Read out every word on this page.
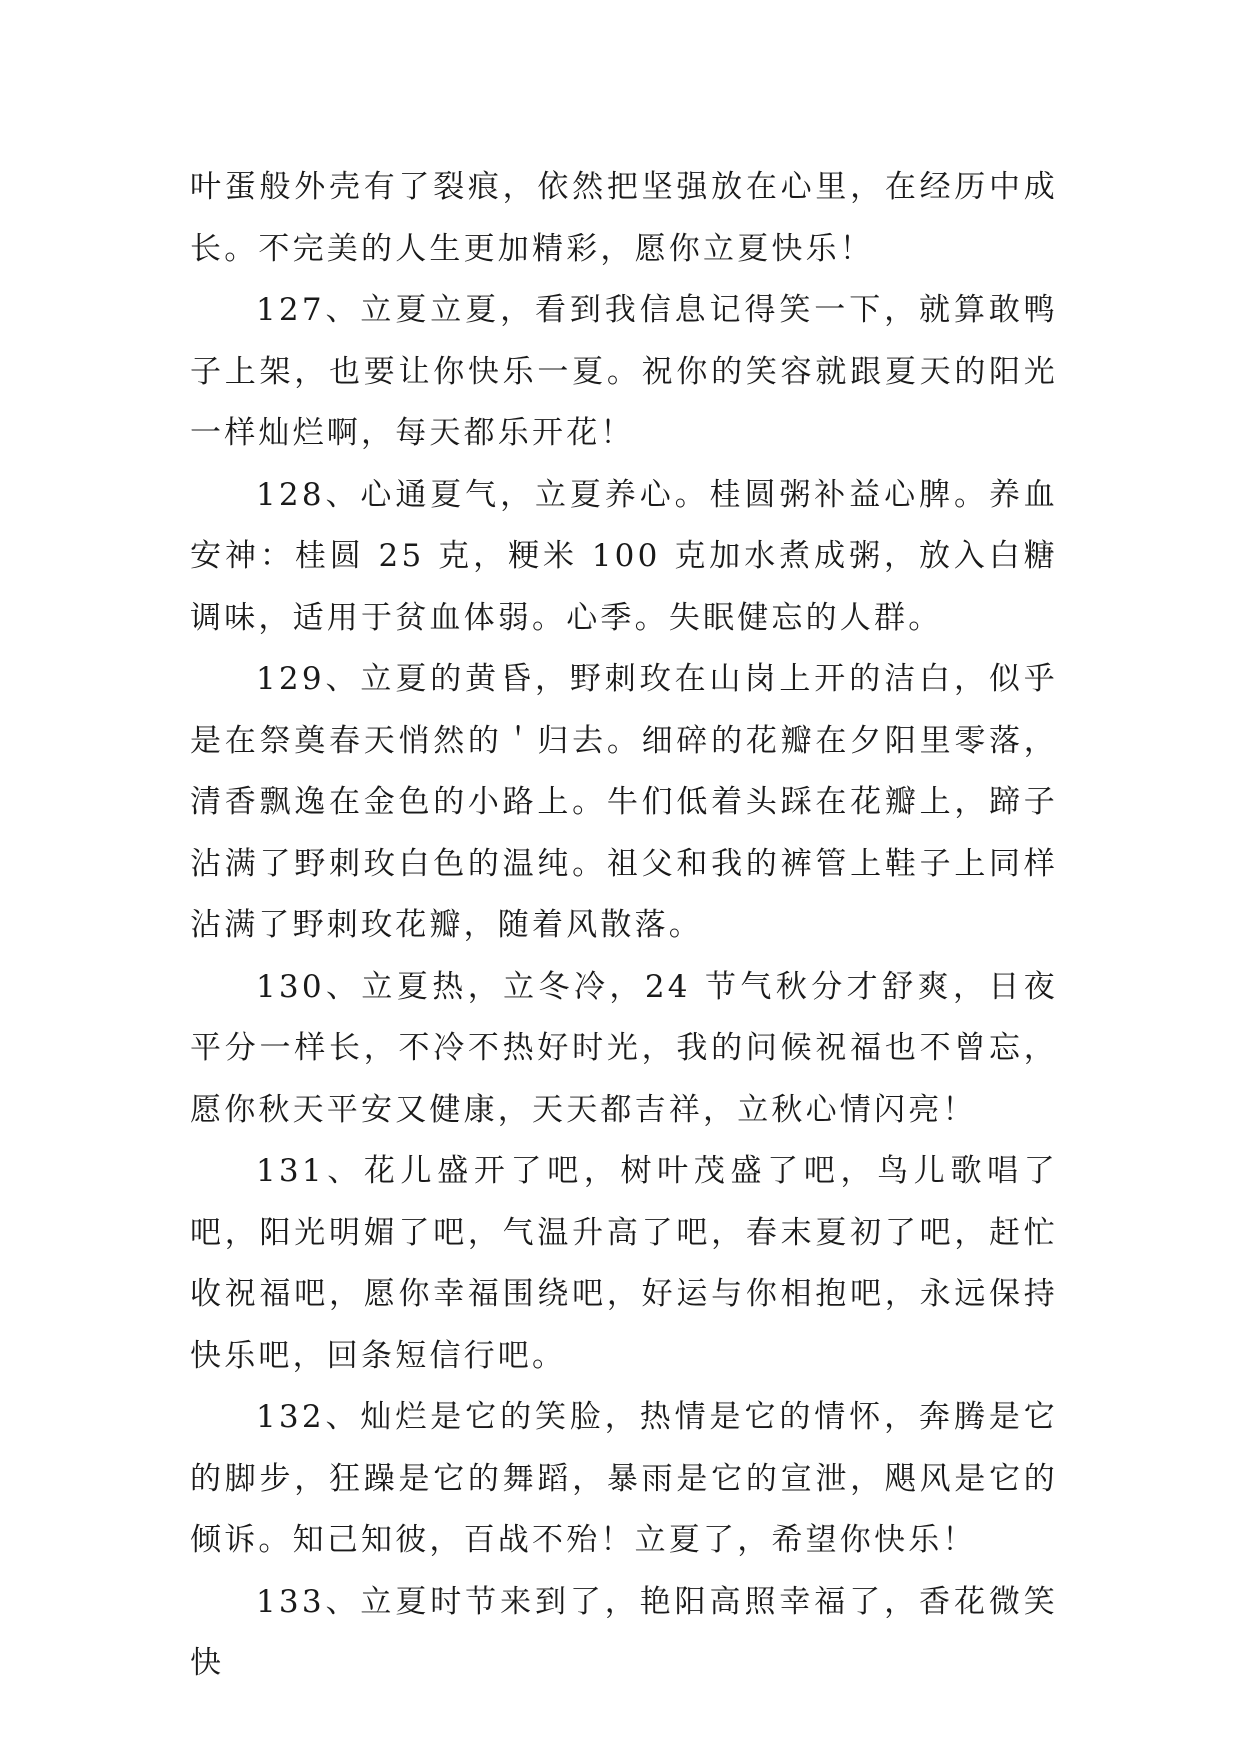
叶蛋般外壳有了裂痕，依然把坚强放在心里，在经历中成长。不完美的人生更加精彩，愿你立夏快乐！

127、立夏立夏，看到我信息记得笑一下，就算敢鸭子上架，也要让你快乐一夏。祝你的笑容就跟夏天的阳光一样灿烂啊，每天都乐开花！

128、心通夏气，立夏养心。桂圆粥补益心脾。养血安神：桂圆 25 克，粳米 100 克加水煮成粥，放入白糖调味，适用于贫血体弱。心季。失眠健忘的人群。

129、立夏的黄昏，野刺玫在山岗上开的洁白，似乎是在祭奠春天悄然的＇归去。细碎的花瓣在夕阳里零落，清香飘逸在金色的小路上。牛们低着头踩在花瓣上，蹄子沾满了野刺玫白色的温纯。祖父和我的裤管上鞋子上同样沾满了野刺玫花瓣，随着风散落。

130、立夏热，立冬冷，24 节气秋分才舒爽，日夜平分一样长，不冷不热好时光，我的问候祝福也不曾忘，愿你秋天平安又健康，天天都吉祥，立秋心情闪亮！

131、花儿盛开了吧，树叶茂盛了吧，鸟儿歌唱了吧，阳光明媚了吧，气温升高了吧，春末夏初了吧，赶忙收祝福吧，愿你幸福围绕吧，好运与你相抱吧，永远保持快乐吧，回条短信行吧。

132、灿烂是它的笑脸，热情是它的情怀，奔腾是它的脚步，狂躁是它的舞蹈，暴雨是它的宣泄，飓风是它的倾诉。知己知彼，百战不殆！立夏了，希望你快乐！

133、立夏时节来到了，艳阳高照幸福了，香花微笑快
